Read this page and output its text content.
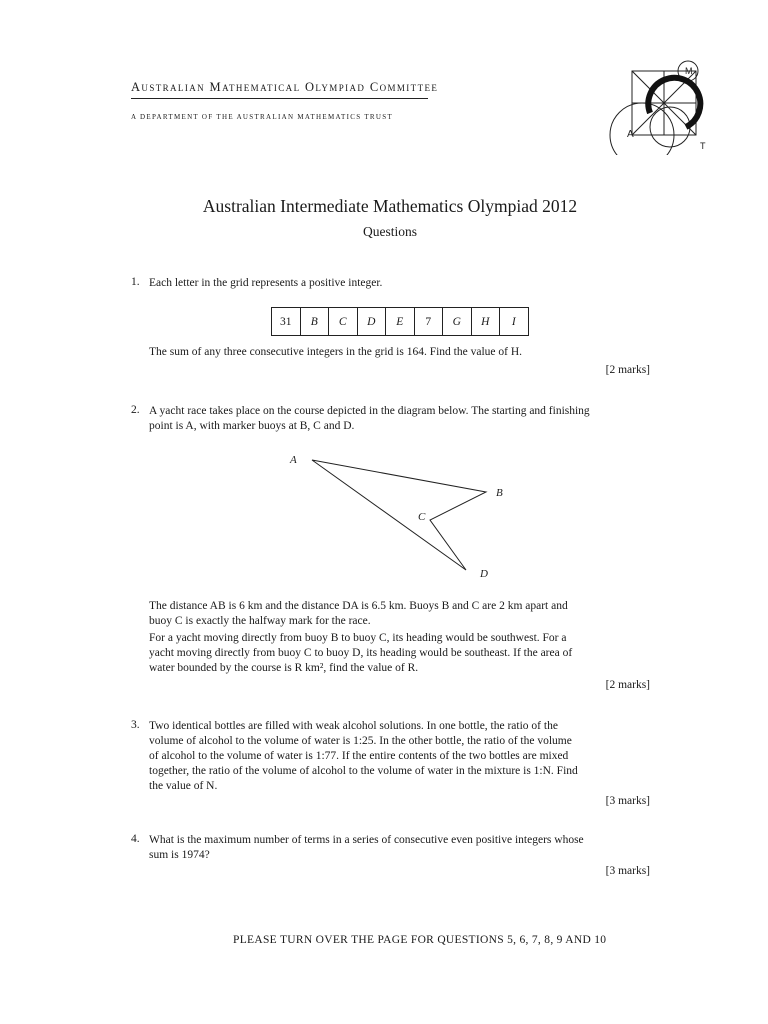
Australian Mathematical Olympiad Committee
A DEPARTMENT OF THE AUSTRALIAN MATHEMATICS TRUST
M
A
T
Australian Intermediate Mathematics Olympiad 2012
Questions
1. Each letter in the grid represents a positive integer.
31	B	C	D	E	7	G	H	I
The sum of any three consecutive integers in the grid is 164. Find the value of H.
[2 marks]
2. A yacht race takes place on the course depicted in the diagram below. The starting and finishing
point is A, with marker buoys at B, C and D.
A
B
C
D
The distance AB is 6 km and the distance DA is 6.5 km. Buoys B and C are 2 km apart and
buoy C is exactly the halfway mark for the race.
For a yacht moving directly from buoy B to buoy C, its heading would be southwest. For a
yacht moving directly from buoy C to buoy D, its heading would be southeast. If the area of
water bounded by the course is R km², find the value of R.
[2 marks]
3. Two identical bottles are filled with weak alcohol solutions. In one bottle, the ratio of the
volume of alcohol to the volume of water is 1:25. In the other bottle, the ratio of the volume
of alcohol to the volume of water is 1:77. If the entire contents of the two bottles are mixed
together, the ratio of the volume of alcohol to the volume of water in the mixture is 1:N. Find
the value of N.
[3 marks]
4. What is the maximum number of terms in a series of consecutive even positive integers whose
sum is 1974?
[3 marks]
PLEASE TURN OVER THE PAGE FOR QUESTIONS 5, 6, 7, 8, 9 AND 10
